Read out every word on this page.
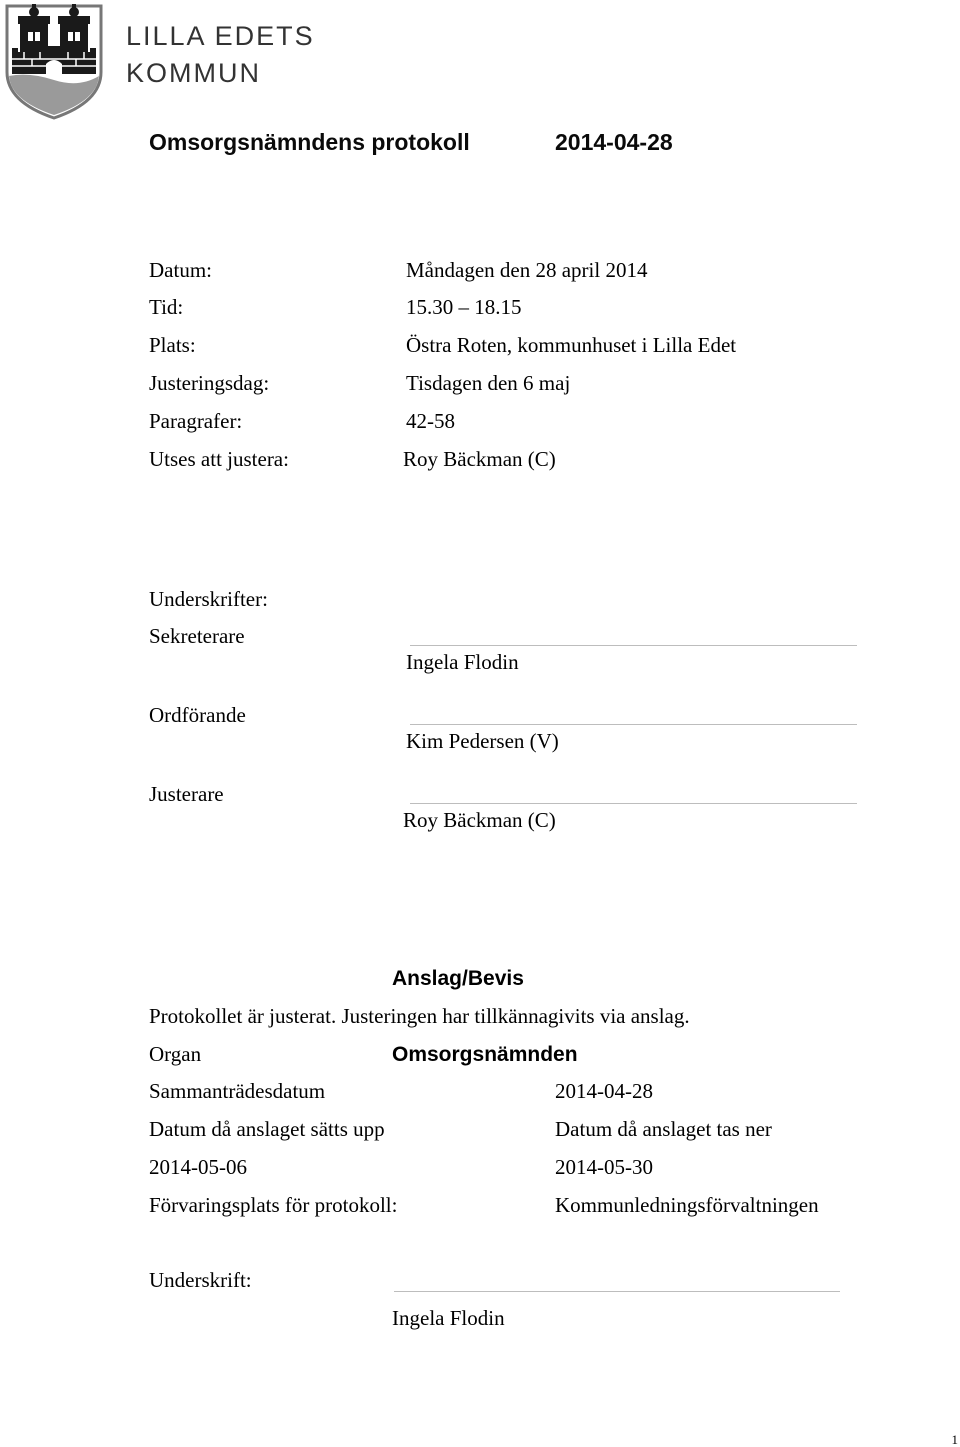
LILLA EDETS
KOMMUN
Omsorgsnämndens protokoll	2014-04-28
Datum:	Måndagen den 28 april 2014
Tid:	15.30 – 18.15
Plats:	Östra Roten, kommunhuset i Lilla Edet
Justeringsdag:	Tisdagen den 6 maj
Paragrafer:	42-58
Utses att justera:	Roy Bäckman (C)
Underskrifter:
Sekreterare
Ingela Flodin
Ordförande
Kim Pedersen (V)
Justerare
Roy Bäckman (C)
Anslag/Bevis
Protokollet är justerat. Justeringen har tillkännagivits via anslag.
Organ	Omsorgsnämnden
Sammanträdesdatum	2014-04-28
Datum då anslaget sätts upp	Datum då anslaget tas ner
2014-05-06	2014-05-30
Förvaringsplats för protokoll:	Kommunledningsförvaltningen
Underskrift:
Ingela Flodin
1
